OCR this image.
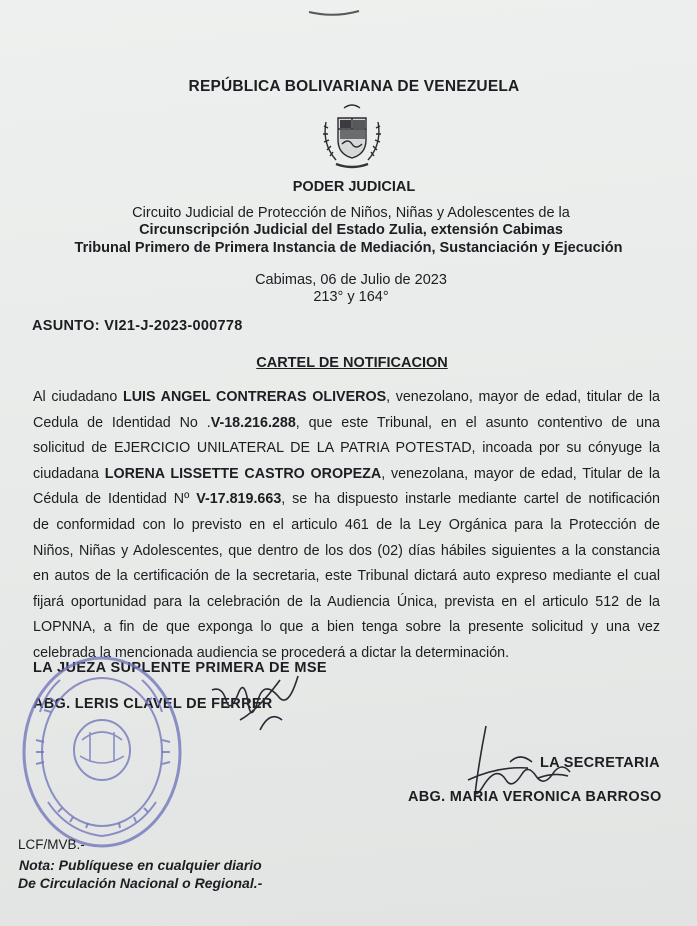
REPÚBLICA BOLIVARIANA DE VENEZUELA
PODER JUDICIAL
Circuito Judicial de Protección de Niños, Niñas y Adolescentes de la
Circunscripción Judicial del Estado Zulia, extensión Cabimas
Tribunal Primero de Primera Instancia de Mediación, Sustanciación y Ejecución
Cabimas, 06 de Julio de 2023
213° y 164°
ASUNTO: VI21-J-2023-000778
CARTEL DE NOTIFICACION
Al ciudadano LUIS ANGEL CONTRERAS OLIVEROS, venezolano, mayor de edad, titular de la
Cedula de Identidad No .V-18.216.288, que este Tribunal, en el asunto contentivo de una
solicitud de EJERCICIO UNILATERAL DE LA PATRIA POTESTAD, incoada por su cónyuge la
ciudadana LORENA LISSETTE CASTRO OROPEZA, venezolana, mayor de edad, Titular de la
Cédula de Identidad Nº V-17.819.663, se ha dispuesto instarle mediante cartel de notificación
de conformidad con lo previsto en el articulo 461 de la Ley Orgánica para la Protección de
Niños, Niñas y Adolescentes, que dentro de los dos (02) días hábiles siguientes a la constancia
en autos de la certificación de la secretaria, este Tribunal dictará auto expreso mediante el cual
fijará oportunidad para la celebración de la Audiencia Única, prevista en el articulo 512 de la
LOPNNA, a fin de que exponga lo que a bien tenga sobre la presente solicitud y una vez
celebrada la mencionada audiencia se procederá a dictar la determinación.
LA JUEZA SUPLENTE PRIMERA DE MSE
ABG. LERIS CLAVEL DE FERRER
LA SECRETARIA
ABG. MARIA VERONICA BARROSO
LCF/MVB.-
Nota: Publíquese en cualquier diario
De Circulación Nacional o Regional.-
